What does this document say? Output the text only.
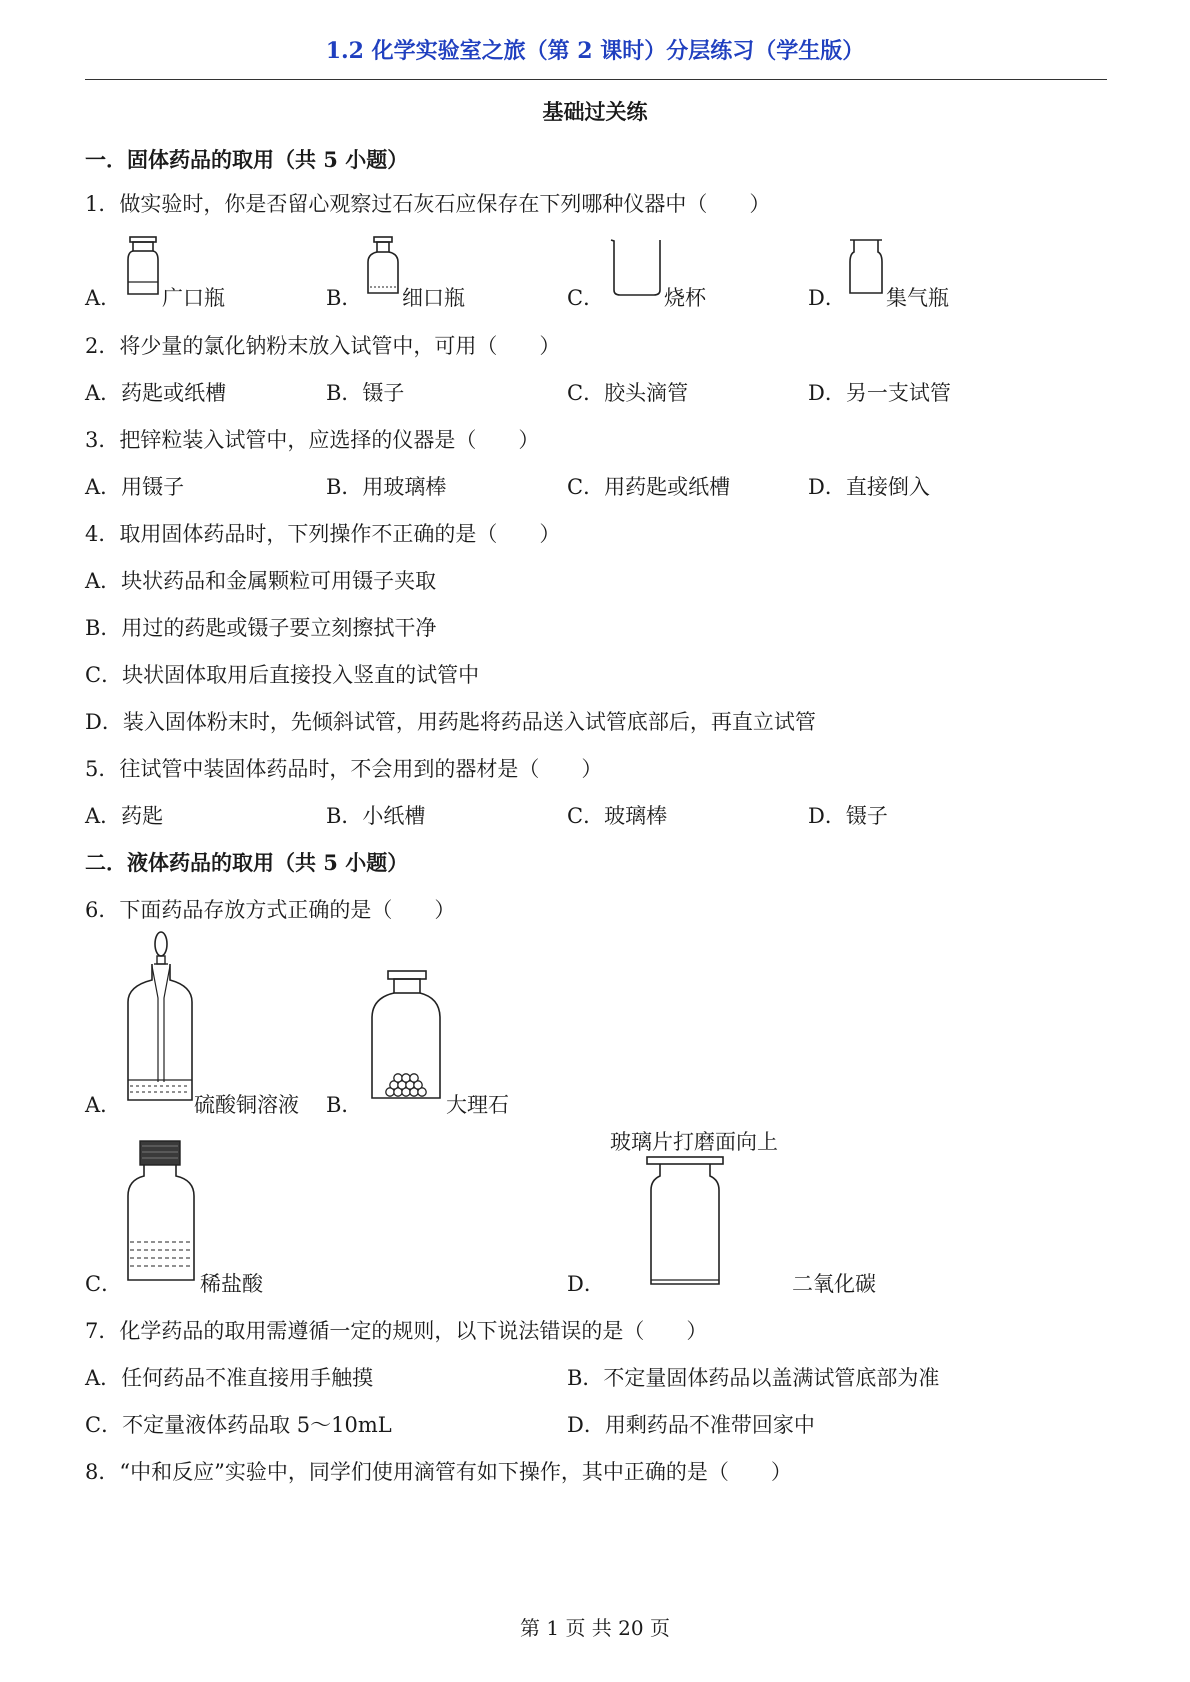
1.2 化学实验室之旅（第 2 课时）分层练习（学生版）
基础过关练
一．固体药品的取用（共 5 小题）
1．做实验时，你是否留心观察过石灰石应保存在下列哪种仪器中（　　）
A． 广口瓶	B． 细口瓶	C．	烧杯	D． 集气瓶
2．将少量的氯化钠粉末放入试管中，可用（　　）
A．药匙或纸槽	B．镊子	C．胶头滴管	D．另一支试管
3．把锌粒装入试管中，应选择的仪器是（　　）
A．用镊子	B．用玻璃棒	C．用药匙或纸槽	D．直接倒入
4．取用固体药品时，下列操作不正确的是（　　）
A．块状药品和金属颗粒可用镊子夹取
B．用过的药匙或镊子要立刻擦拭干净
C．块状固体取用后直接投入竖直的试管中
D．装入固体粉末时，先倾斜试管，用药匙将药品送入试管底部后，再直立试管
5．往试管中装固体药品时，不会用到的器材是（　　）
A．药匙	B．小纸槽	C．玻璃棒	D．镊子
二．液体药品的取用（共 5 小题）
6．下面药品存放方式正确的是（　　）
A．	硫酸铜溶液 B．	大理石
C．	稀盐酸
玻璃片打磨面向上
D．	二氧化碳
7．化学药品的取用需遵循一定的规则，以下说法错误的是（　　）
A．任何药品不准直接用手触摸	B．不定量固体药品以盖满试管底部为准
C．不定量液体药品取 5～10mL	D．用剩药品不准带回家中
8．“中和反应”实验中，同学们使用滴管有如下操作，其中正确的是（　　）
第 1 页 共 20 页
